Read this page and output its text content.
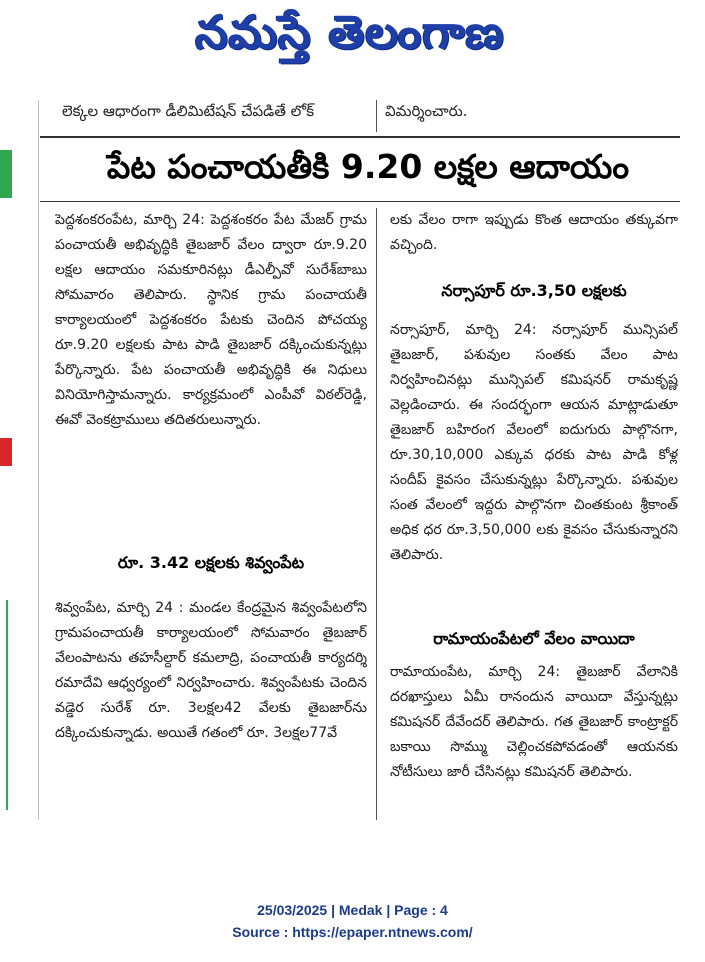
నమస్తే తెలంగాణ
లెక్కల ఆధారంగా డీలిమిటేషన్ చేపడితే లోక్	విమర్శించారు.
పేట పంచాయతీకి 9.20 లక్షల ఆదాయం
పెద్దశంకరంపేట, మార్చి 24: పెద్దశంకరం పేట మేజర్ గ్రామ పంచాయతీ అభివృద్ధికి తైబజార్ వేలం ద్వారా రూ.9.20 లక్షల ఆదాయం సమకూరినట్లు డీఎల్పీవో సురేశ్‌బాబు సోమవారం తెలిపారు. స్థానిక గ్రామ పంచాయతీ కార్యాలయంలో పెద్దశంకరం పేటకు చెందిన పోచయ్య రూ.9.20 లక్షలకు పాట పాడి తైబజార్ దక్కించుకున్నట్లు పేర్కొన్నారు. పేట పంచాయతీ అభివృద్ధికి ఈ నిధులు వినియోగిస్తామన్నారు. కార్యక్రమంలో ఎంపీవో విఠల్‌రెడ్డి, ఈవో వెంకట్రాములు తదితరులున్నారు.
రూ. 3.42 లక్షలకు శివ్వంపేట
శివ్వంపేట, మార్చి 24 : మండల కేంద్రమైన శివ్వంపేటలోని గ్రామపంచాయతీ కార్యాలయంలో సోమవారం తైబజార్ వేలంపాటను తహసీల్దార్ కమలాద్రి, పంచాయతీ కార్యదర్శి రమాదేవి ఆధ్వర్యంలో నిర్వహించారు. శివ్వంపేటకు చెందిన వడ్డెర సురేశ్ రూ. 3లక్షల42 వేలకు తైబజార్‌ను దక్కించుకున్నాడు. అయితే గతంలో రూ. 3లక్షల77వే
లకు వేలం రాగా ఇప్పుడు కొంత ఆదాయం తక్కువగా వచ్చింది.
నర్సాపూర్ రూ.3,50 లక్షలకు
నర్సాపూర్, మార్చి 24: నర్సాపూర్ మున్సిపల్ తైబజార్, పశువుల సంతకు వేలం పాట నిర్వహించినట్లు మున్సిపల్ కమిషనర్ రామకృష్ణ వెల్లడించారు. ఈ సందర్భంగా ఆయన మాట్లాడుతూ తైబజార్ బహిరంగ వేలంలో ఐదుగురు పాల్గొనగా, రూ.30,10,000 ఎక్కువ ధరకు పాట పాడి కోళ్ల సందీప్ కైవసం చేసుకున్నట్లు పేర్కొన్నారు. పశువుల సంత వేలంలో ఇద్దరు పాల్గొనగా చింతకుంట శ్రీకాంత్ అధిక ధర రూ.3,50,000 లకు కైవసం చేసుకున్నారని తెలిపారు.
రామాయంపేటలో వేలం వాయిదా
రామాయంపేట, మార్చి 24: తైబజార్ వేలానికి దరఖాస్తులు ఏమీ రానందున వాయిదా వేస్తున్నట్లు కమిషనర్ దేవేందర్ తెలిపారు. గత తైబజార్ కాంట్రాక్టర్ బకాయి సొమ్ము చెల్లించకపోవడంతో ఆయనకు నోటీసులు జారీ చేసినట్లు కమిషనర్ తెలిపారు.
25/03/2025 | Medak | Page : 4
Source : https://epaper.ntnews.com/
